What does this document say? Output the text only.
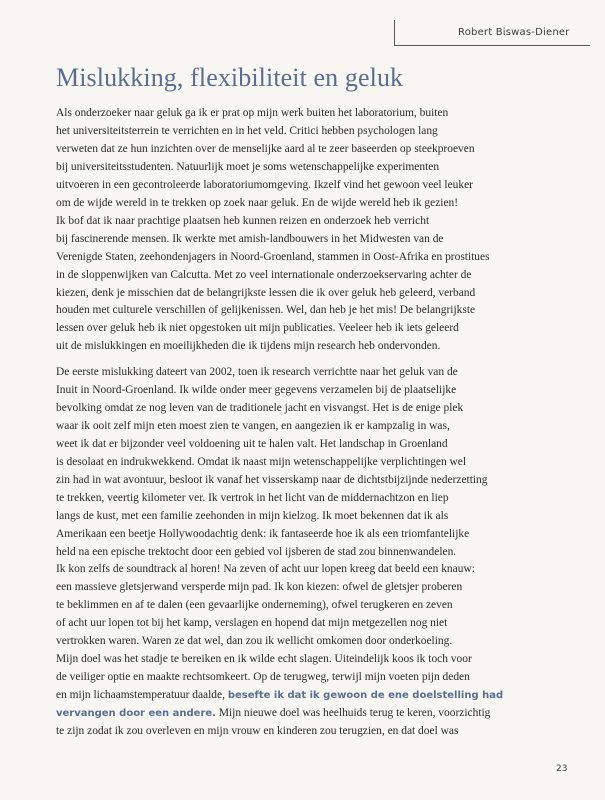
Robert Biswas-Diener
Mislukking, flexibiliteit en geluk
Als onderzoeker naar geluk ga ik er prat op mijn werk buiten het laboratorium, buiten
het universiteitsterrein te verrichten en in het veld. Critici hebben psychologen lang
verweten dat ze hun inzichten over de menselijke aard al te zeer baseerden op steekproeven
bij universiteitsstudenten. Natuurlijk moet je soms wetenschappelijke experimenten
uitvoeren in een gecontroleerde laboratoriumomgeving. Ikzelf vind het gewoon veel leuker
om de wijde wereld in te trekken op zoek naar geluk. En de wijde wereld heb ik gezien!
Ik bof dat ik naar prachtige plaatsen heb kunnen reizen en onderzoek heb verricht
bij fascinerende mensen. Ik werkte met amish-landbouwers in het Midwesten van de
Verenigde Staten, zeehondenjagers in Noord-Groenland, stammen in Oost-Afrika en prostitues
in de sloppenwijken van Calcutta. Met zo veel internationale onderzoekservaring achter de
kiezen, denk je misschien dat de belangrijkste lessen die ik over geluk heb geleerd, verband
houden met culturele verschillen of gelijkenissen. Wel, dan heb je het mis! De belangrijkste
lessen over geluk heb ik niet opgestoken uit mijn publicaties. Veeleer heb ik iets geleerd
uit de mislukkingen en moeilijkheden die ik tijdens mijn research heb ondervonden.
De eerste mislukking dateert van 2002, toen ik research verrichtte naar het geluk van de
Inuit in Noord-Groenland. Ik wilde onder meer gegevens verzamelen bij de plaatselijke
bevolking omdat ze nog leven van de traditionele jacht en visvangst. Het is de enige plek
waar ik ooit zelf mijn eten moest zien te vangen, en aangezien ik er kampzalig in was,
weet ik dat er bijzonder veel voldoening uit te halen valt. Het landschap in Groenland
is desolaat en indrukwekkend. Omdat ik naast mijn wetenschappelijke verplichtingen wel
zin had in wat avontuur, besloot ik vanaf het visserskamp naar de dichtstbijzijnde nederzetting
te trekken, veertig kilometer ver. Ik vertrok in het licht van de middernachtzon en liep
langs de kust, met een familie zeehonden in mijn kielzog. Ik moet bekennen dat ik als
Amerikaan een beetje Hollywoodachtig denk: ik fantaseerde hoe ik als een triomfantelijke
held na een epische trektocht door een gebied vol ijsberen de stad zou binnenwandelen.
Ik kon zelfs de soundtrack al horen! Na zeven of acht uur lopen kreeg dat beeld een knauw:
een massieve gletsjerwand versperde mijn pad. Ik kon kiezen: ofwel de gletsjer proberen
te beklimmen en af te dalen (een gevaarlijke onderneming), ofwel terugkeren en zeven
of acht uur lopen tot bij het kamp, verslagen en hopend dat mijn metgezellen nog niet
vertrokken waren. Waren ze dat wel, dan zou ik wellicht omkomen door onderkoeling.
Mijn doel was het stadje te bereiken en ik wilde echt slagen. Uiteindelijk koos ik toch voor
de veiliger optie en maakte rechtsomkeert. Op de terugweg, terwijl mijn voeten pijn deden
en mijn lichaamstemperatuur daalde, besefte ik dat ik gewoon de ene doelstelling had
vervangen door een andere. Mijn nieuwe doel was heelhuids terug te keren, voorzichtig
te zijn zodat ik zou overleven en mijn vrouw en kinderen zou terugzien, en dat doel was
23
